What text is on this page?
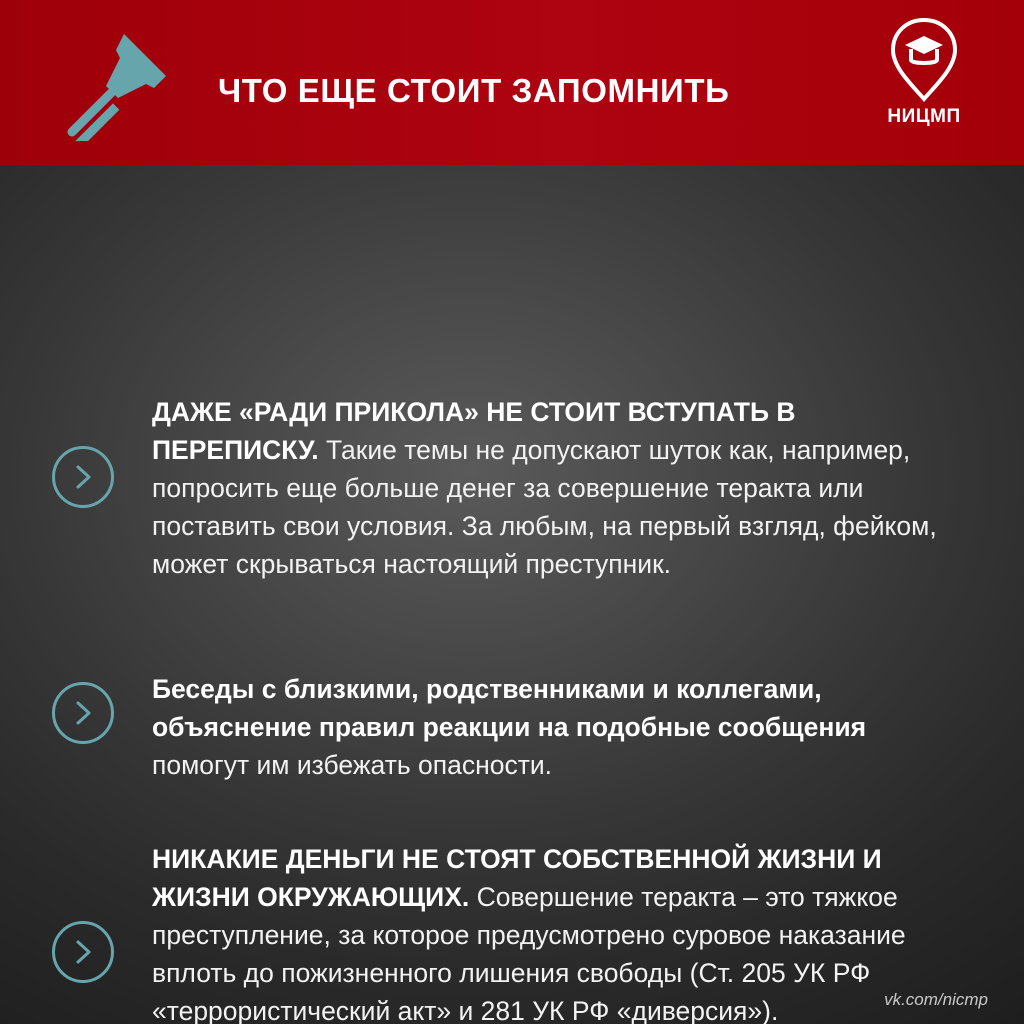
ЧТО ЕЩЕ СТОИТ ЗАПОМНИТЬ
НИЦМП
ДАЖЕ «РАДИ ПРИКОЛА» НЕ СТОИТ ВСТУПАТЬ В ПЕРЕПИСКУ. Такие темы не допускают шуток как, например, попросить еще больше денег за совершение теракта или поставить свои условия. За любым, на первый взгляд, фейком, может скрываться настоящий преступник.
Беседы с близкими, родственниками и коллегами, объяснение правил реакции на подобные сообщения помогут им избежать опасности.
НИКАКИЕ ДЕНЬГИ НЕ СТОЯТ СОБСТВЕННОЙ ЖИЗНИ И ЖИЗНИ ОКРУЖАЮЩИХ. Совершение теракта – это тяжкое преступление, за которое предусмотрено суровое наказание вплоть до пожизненного лишения свободы (Ст. 205 УК РФ «террористический акт» и 281 УК РФ «диверсия»).	vk.com/nicmp
